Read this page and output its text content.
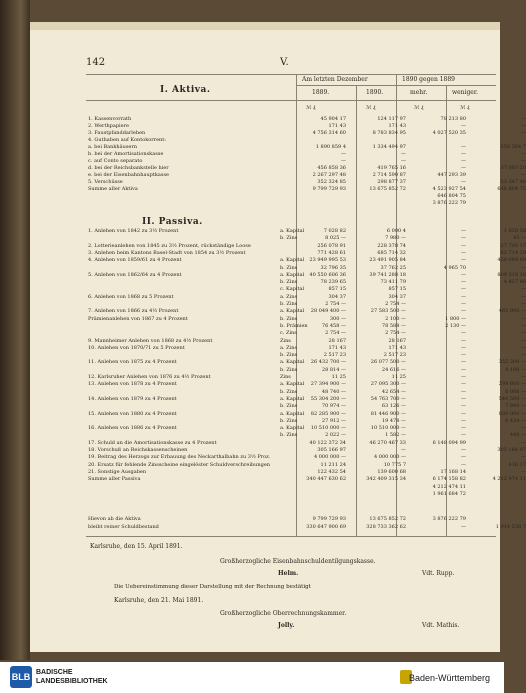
142	V.
Am letzten Dezember	1890 gegen 1889
1889.	1890.	mehr.	weniger.
I. Aktiva.
ℳ ₰	ℳ ₰	ℳ ₰	ℳ ₰
1. Kassenvorrath	45 904 17	124 117 97	78 213 80	—
2. Werthpapiere	171 43	171 43	—	—
3. Faustpfanddarlehen	4 756 314 60	8 783 834 95	4 027 520 35	—
4. Guthaben auf Kontokorrent:
a. bei Bankhäusern	1 890 859 4	1 334 494 97	—	556 364 7
b. bei der Amortisationskasse	—	—	—	—
c. auf Conto separato	—	—	—	—
d. bei der Reichsbankstelle hier	456 858 36	419 765 16	—	37 093 20
e. bei der Eisenbahnhauptkasse	2 267 297 48	2 714 590 87	447 293 39	—
5. Verschüsse	352 324 85	298 877 37	—	53 347 48
Summe aller Aktiva	9 799 729 93	13 675 852 72	4 523 927 54	646 804 75
646 804 75
3 876 222 79
II. Passiva.
1. Anlehen von 1842 zu 3½ Prozent	a. Kapital	7 028 82	6 000 4	—	1 028 58
b. Zins	8 025 —	7 980 —	—	45 —
2. Lotterieanlehen von 1845 zu 3½ Prozent, rückständige Loose	256 078 91	228 378 74	—	27 700 17
3. Anlehen beim Kantons Basel-Stadt von 1854 zu 3½ Prozent	771 428 61	685 714 32	—	85 714 29
4. Anlehen von 1859/61 zu 4 Prozent	a. Kapital	23 949 995 53	23 491 905 84	—	458 089 69
b. Zins	32 796 35	37 762 25	4 965 70	—
5. Anlehen von 1862/64 zu 4 Prozent	a. Kapital	40 550 606 36	39 741 288 18	—	809 318 18
b. Zins	78 239 65	73 411 79	—	4 827 86
c. Kapital	857 15	857 15	—	—
6. Anlehen von 1868 zu 5 Prozent	a. Zins	304 37	304 37	—	—
b. Zins	2 754 —	2 754 —	—	—
7. Anlehen von 1866 zu 4½ Prozent	a. Kapital	28 049 400 —	27 583 500 —	—	465 900 —
Prämienanlehen von 1867 zu 4 Prozent	b. Zins	300 —	2 100 —	1 800 —	—
b. Prämien	76 458 —	78 588 —	2 130 —	—
c. Zins	2 754 —	2 754 —	—	—
9. Mannheimer Anlehen von 1868 zu 4½ Prozent	Zins	28 167	28 167	—	—
10. Anlehen von 1870/71 zu 5 Prozent	a. Zins	171 43	171 43	—	—
b. Zins	2 517 23	2 517 23	—	—
11. Anlehen von 1875 zu 4 Prozent	a. Kapital	26 432 700 —	26 077 500 —	—	355 200 —
b. Zins	28 814 —	24 616 —	—	4 198 —
12. Karlsruher Anlehen von 1876 zu 4½ Prozent	Zins	11 25	11 25	—	—
13. Anlehen von 1878 zu 4 Prozent	a. Kapital	27 394 900 —	27 095 300 —	—	299 600 —
b. Zins	48 740 —	42 654 —	—	6 086 —
14. Anlehen von 1879 zu 4 Prozent	a. Kapital	55 304 200 —	54 763 700 —	—	540 500 —
b. Zins	70 974 —	63 126 —	—	7 848 —
15. Anlehen von 1880 zu 4 Prozent	a. Kapital	82 285 900 —	81 446 900 —	—	839 000 —
b. Zins	27 912 —	19 478 —	—	8 434 —
16. Anlehen von 1886 zu 4 Prozent	a. Kapital	10 510 000 —	10 510 000 —	—	—
b. Zins	2 022 —	1 582 —	—	440 —
17. Schuld an die Amortisationskasse zu 4 Prozent	40 122 372 34	46 270 467 33	6 148 094 99	—
18. Vorschuß an Reichskassenscheinen	305 166 97	—	—	305 166 97
19. Beitrag des Herzogs zur Erbauung des Neckarthalbahn zu 3½ Proz.	4 000 000 —	4 000 000 —	—	—
20. Ersatz für fehlende Zinsscheine eingelöster Schuldverschreibungen	11 211 24	10 775 7	—	436 17
21. Sonstige Ausgaben	122 432 54	139 600 68	17 168 14	—
Summe aller Passiva	340 447 630 62	342 409 315 34	6 174 158 82	4 212 474 11
4 212 474 11
1 961 684 72
Hievon ab die Aktiva	9 799 729 93	13 675 852 72	3 876 222 79
bleibt reiner Schuldbestand	330 647 900 69	328 733 362 62	—	1 914 538 7
Karlsruhe, den 15. April 1891.
Großherzogliche Eisenbahnschuldentilgungskasse.
Helm.	Vdt. Rupp.
Die Uebereinstimmung dieser Darstellung mit der Rechnung bestätigt
Karlsruhe, den 21. Mai 1891.
Großherzogliche Oberrechnungskammer.
Jolly.	Vdt. Mathis.
BLB BADISCHE
LANDESBIBLIOTHEK	Baden-Württemberg
